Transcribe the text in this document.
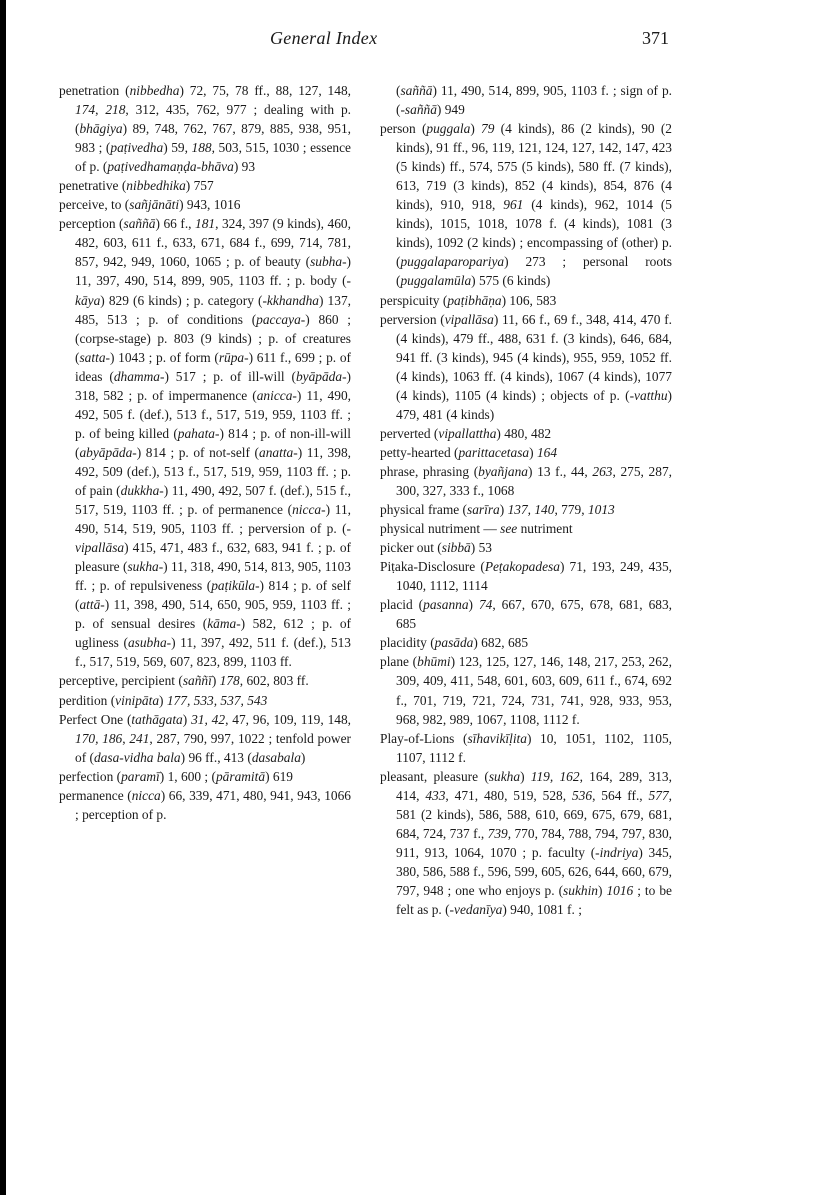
General Index	371

penetration (nibbedha) 72, 75, 78 ff., 88, 127, 148, 174, 218, 312, 435, 762, 977 ; dealing with p. (bhāgiya) 89, 748, 762, 767, 879, 885, 938, 951, 983 ; (paṭivedha) 59, 188, 503, 515, 1030 ; essence of p. (paṭivedhamaṇḍa-bhāva) 93

penetrative (nibbedhika) 757

perceive, to (sañjānāti) 943, 1016

perception (saññā) 66 f., 181, 324, 397 (9 kinds), 460, 482, 603, 611 f., 633, 671, 684 f., 699, 714, 781, 857, 942, 949, 1060, 1065 ; p. of beauty (subha-) 11, 397, 490, 514, 899, 905, 1103 ff. ; p. body (-kāya) 829 (6 kinds) ; p. category (-kkhandha) 137, 485, 513 ; p. of conditions (paccaya-) 860 ; (corpse-stage) p. 803 (9 kinds) ; p. of creatures (satta-) 1043 ; p. of form (rūpa-) 611 f., 699 ; p. of ideas (dhamma-) 517 ; p. of ill-will (byāpāda-) 318, 582 ; p. of impermanence (anicca-) 11, 490, 492, 505 f. (def.), 513 f., 517, 519, 959, 1103 ff. ; p. of being killed (pahata-) 814 ; p. of non-ill-will (abyāpāda-) 814 ; p. of not-self (anatta-) 11, 398, 492, 509 (def.), 513 f., 517, 519, 959, 1103 ff. ; p. of pain (dukkha-) 11, 490, 492, 507 f. (def.), 515 f., 517, 519, 1103 ff. ; p. of permanence (nicca-) 11, 490, 514, 519, 905, 1103 ff. ; perversion of p. (-vipallāsa) 415, 471, 483 f., 632, 683, 941 f. ; p. of pleasure (sukha-) 11, 318, 490, 514, 813, 905, 1103 ff. ; p. of repulsiveness (paṭikūla-) 814 ; p. of self (attā-) 11, 398, 490, 514, 650, 905, 959, 1103 ff. ; p. of sensual desires (kāma-) 582, 612 ; p. of ugliness (asubha-) 11, 397, 492, 511 f. (def.), 513 f., 517, 519, 569, 607, 823, 899, 1103 ff.

perceptive, percipient (saññī) 178, 602, 803 ff.

perdition (vinipāta) 177, 533, 537, 543

Perfect One (tathāgata) 31, 42, 47, 96, 109, 119, 148, 170, 186, 241, 287, 790, 997, 1022 ; tenfold power of (dasa-vidha bala) 96 ff., 413 (dasabala)

perfection (paramī) 1, 600 ; (pāramitā) 619

permanence (nicca) 66, 339, 471, 480, 941, 943, 1066 ; perception of p.

(saññā) 11, 490, 514, 899, 905, 1103 f. ; sign of p. (-saññā) 949

person (puggala) 79 (4 kinds), 86 (2 kinds), 90 (2 kinds), 91 ff., 96, 119, 121, 124, 127, 142, 147, 423 (5 kinds) ff., 574, 575 (5 kinds), 580 ff. (7 kinds), 613, 719 (3 kinds), 852 (4 kinds), 854, 876 (4 kinds), 910, 918, 961 (4 kinds), 962, 1014 (5 kinds), 1015, 1018, 1078 f. (4 kinds), 1081 (3 kinds), 1092 (2 kinds) ; encompassing of (other) p. (puggalaparopariya) 273 ; personal roots (puggalamūla) 575 (6 kinds)

perspicuity (paṭibhāṇa) 106, 583

perversion (vipallāsa) 11, 66 f., 69 f., 348, 414, 470 f. (4 kinds), 479 ff., 488, 631 f. (3 kinds), 646, 684, 941 ff. (3 kinds), 945 (4 kinds), 955, 959, 1052 ff. (4 kinds), 1063 ff. (4 kinds), 1067 (4 kinds), 1077 (4 kinds), 1105 (4 kinds) ; objects of p. (-vatthu) 479, 481 (4 kinds)

perverted (vipallattha) 480, 482

petty-hearted (parittacetasa) 164

phrase, phrasing (byañjana) 13 f., 44, 263, 275, 287, 300, 327, 333 f., 1068

physical frame (sarīra) 137, 140, 779, 1013

physical nutriment — see nutriment

picker out (sibbā) 53

Piṭaka-Disclosure (Peṭakopadesa) 71, 193, 249, 435, 1040, 1112, 1114

placid (pasanna) 74, 667, 670, 675, 678, 681, 683, 685

placidity (pasāda) 682, 685

plane (bhūmi) 123, 125, 127, 146, 148, 217, 253, 262, 309, 409, 411, 548, 601, 603, 609, 611 f., 674, 692 f., 701, 719, 721, 724, 731, 741, 928, 933, 953, 968, 982, 989, 1067, 1108, 1112 f.

Play-of-Lions (sīhavikīḷita) 10, 1051, 1102, 1105, 1107, 1112 f.

pleasant, pleasure (sukha) 119, 162, 164, 289, 313, 414, 433, 471, 480, 519, 528, 536, 564 ff., 577, 581 (2 kinds), 586, 588, 610, 669, 675, 679, 681, 684, 724, 737 f., 739, 770, 784, 788, 794, 797, 830, 911, 913, 1064, 1070 ; p. faculty (-indriya) 345, 380, 586, 588 f., 596, 599, 605, 626, 644, 660, 679, 797, 948 ; one who enjoys p. (sukhin) 1016 ; to be felt as p. (-vedanīya) 940, 1081 f. ;
